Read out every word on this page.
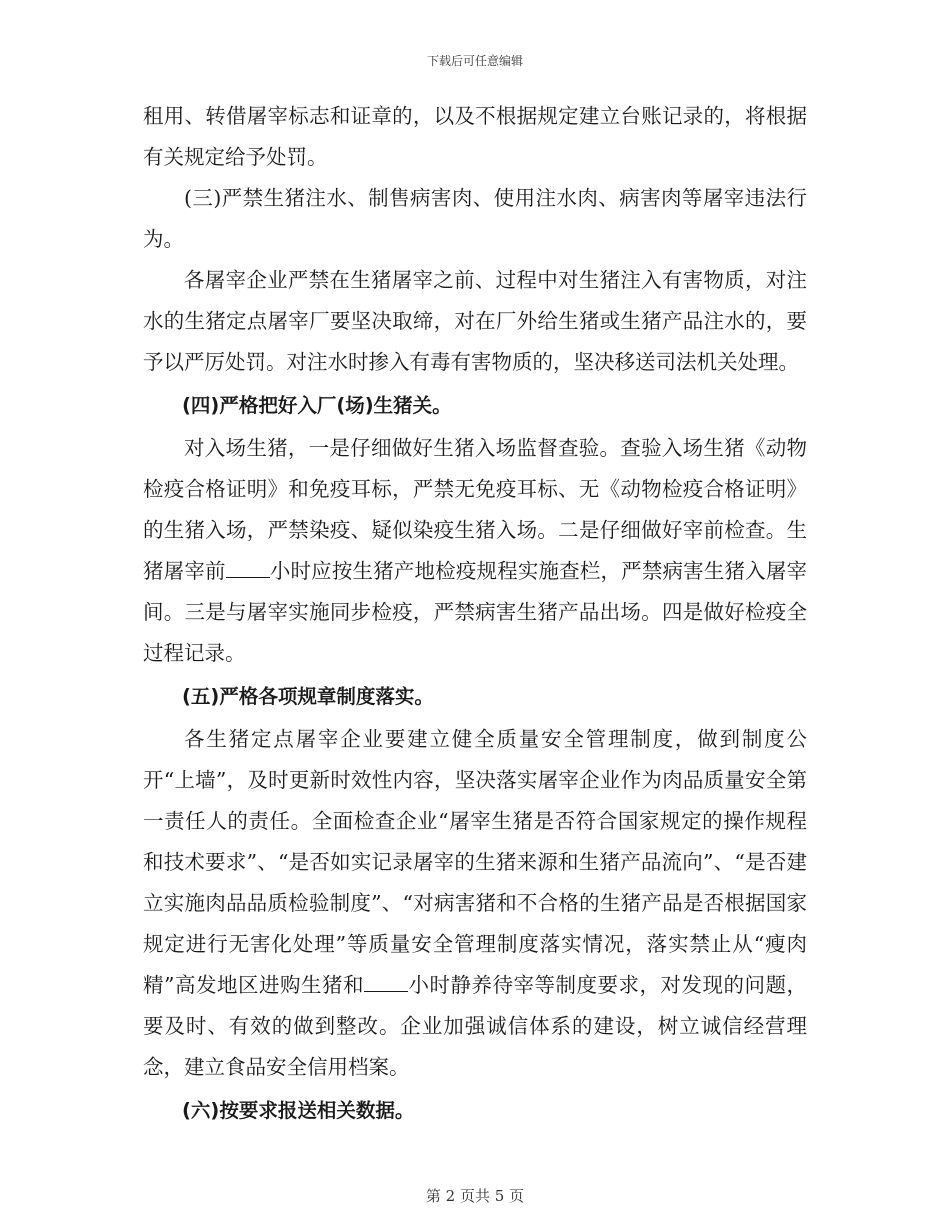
下载后可任意编辑

租用、转借屠宰标志和证章的，以及不根据规定建立台账记录的，将根据有关规定给予处罚。

(三)严禁生猪注水、制售病害肉、使用注水肉、病害肉等屠宰违法行为。

各屠宰企业严禁在生猪屠宰之前、过程中对生猪注入有害物质，对注水的生猪定点屠宰厂要坚决取缔，对在厂外给生猪或生猪产品注水的，要予以严厉处罚。对注水时掺入有毒有害物质的，坚决移送司法机关处理。

(四)严格把好入厂(场)生猪关。

对入场生猪，一是仔细做好生猪入场监督查验。查验入场生猪《动物检疫合格证明》和免疫耳标，严禁无免疫耳标、无《动物检疫合格证明》的生猪入场，严禁染疫、疑似染疫生猪入场。二是仔细做好宰前检查。生猪屠宰前 小时应按生猪产地检疫规程实施查栏，严禁病害生猪入屠宰间。三是与屠宰实施同步检疫，严禁病害生猪产品出场。四是做好检疫全过程记录。

(五)严格各项规章制度落实。

各生猪定点屠宰企业要建立健全质量安全管理制度，做到制度公开“上墙”，及时更新时效性内容，坚决落实屠宰企业作为肉品质量安全第一责任人的责任。全面检查企业“屠宰生猪是否符合国家规定的操作规程和技术要求”、“是否如实记录屠宰的生猪来源和生猪产品流向”、“是否建立实施肉品品质检验制度”、“对病害猪和不合格的生猪产品是否根据国家规定进行无害化处理”等质量安全管理制度落实情况，落实禁止从“瘦肉精”高发地区进购生猪和 小时静养待宰等制度要求，对发现的问题，要及时、有效的做到整改。企业加强诚信体系的建设，树立诚信经营理念，建立食品安全信用档案。

(六)按要求报送相关数据。

第 2 页共 5 页
